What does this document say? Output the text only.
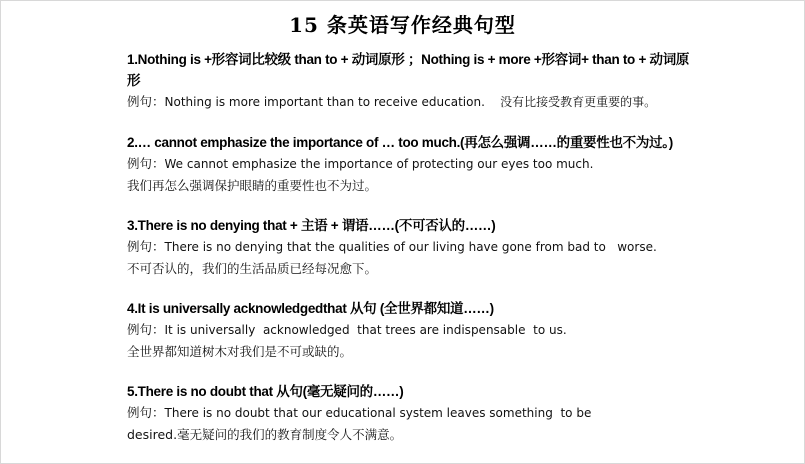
15 条英语写作经典句型

1.Nothing is +形容词比较级 than to + 动词原形 ；Nothing is + more +形容词+ than to + 动词原形

例句：Nothing is more important than to receive education.    没有比接受教育更重要的事。

2.… cannot emphasize the importance of … too much.(再怎么强调……的重要性也不为过。)

例句：We cannot emphasize the importance of protecting our eyes too much.

我们再怎么强调保护眼睛的重要性也不为过。

3.There is no denying that + 主语 + 谓语……(不可否认的……)

例句：There is no denying that the qualities of our living have gone from bad to   worse.

不可否认的，我们的生活品质已经每况愈下。

4.It is universally acknowledgedthat 从句 (全世界都知道……)

例句：It is universally  acknowledged  that trees are indispensable  to us.

全世界都知道树木对我们是不可或缺的。

5.There is no doubt that 从句(毫无疑问的……)

例句：There is no doubt that our educational system leaves something  to be

desired.毫无疑问的我们的教育制度令人不满意。
